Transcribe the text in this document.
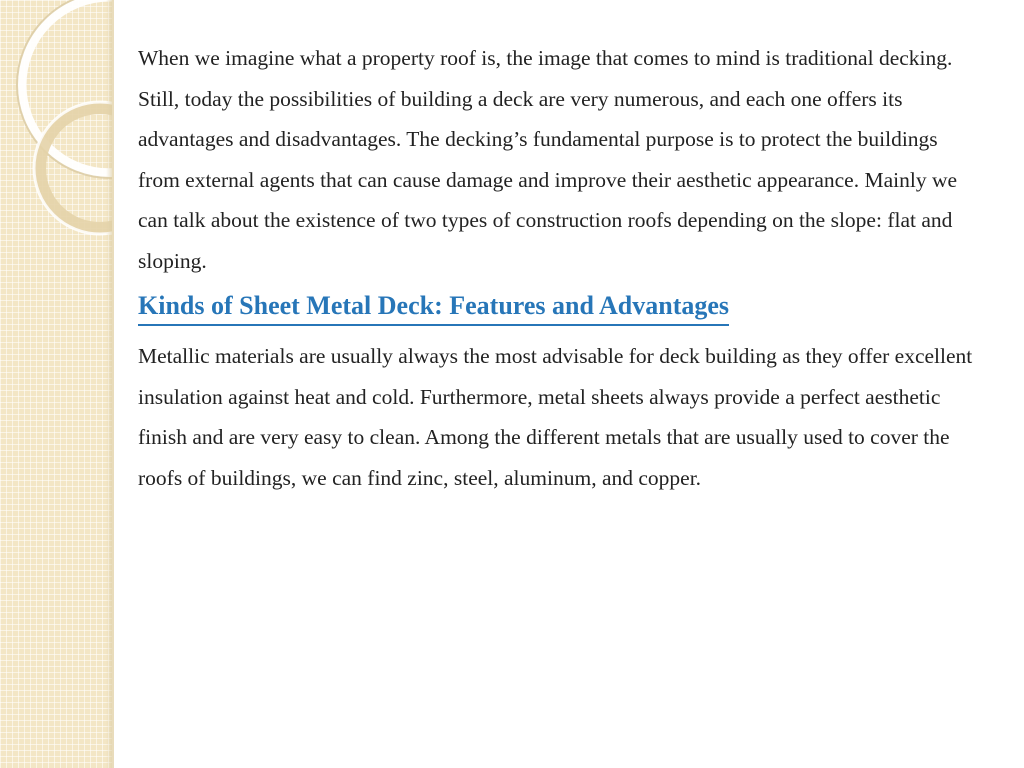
When we imagine what a property roof is, the image that comes to mind is traditional decking. Still, today the possibilities of building a deck are very numerous, and each one offers its advantages and disadvantages. The decking’s fundamental purpose is to protect the buildings from external agents that can cause damage and improve their aesthetic appearance. Mainly we can talk about the existence of two types of construction roofs depending on the slope: flat and sloping.

Kinds of Sheet Metal Deck: Features and Advantages

Metallic materials are usually always the most advisable for deck building as they offer excellent insulation against heat and cold. Furthermore, metal sheets always provide a perfect aesthetic finish and are very easy to clean. Among the different metals that are usually used to cover the roofs of buildings, we can find zinc, steel, aluminum, and copper.
